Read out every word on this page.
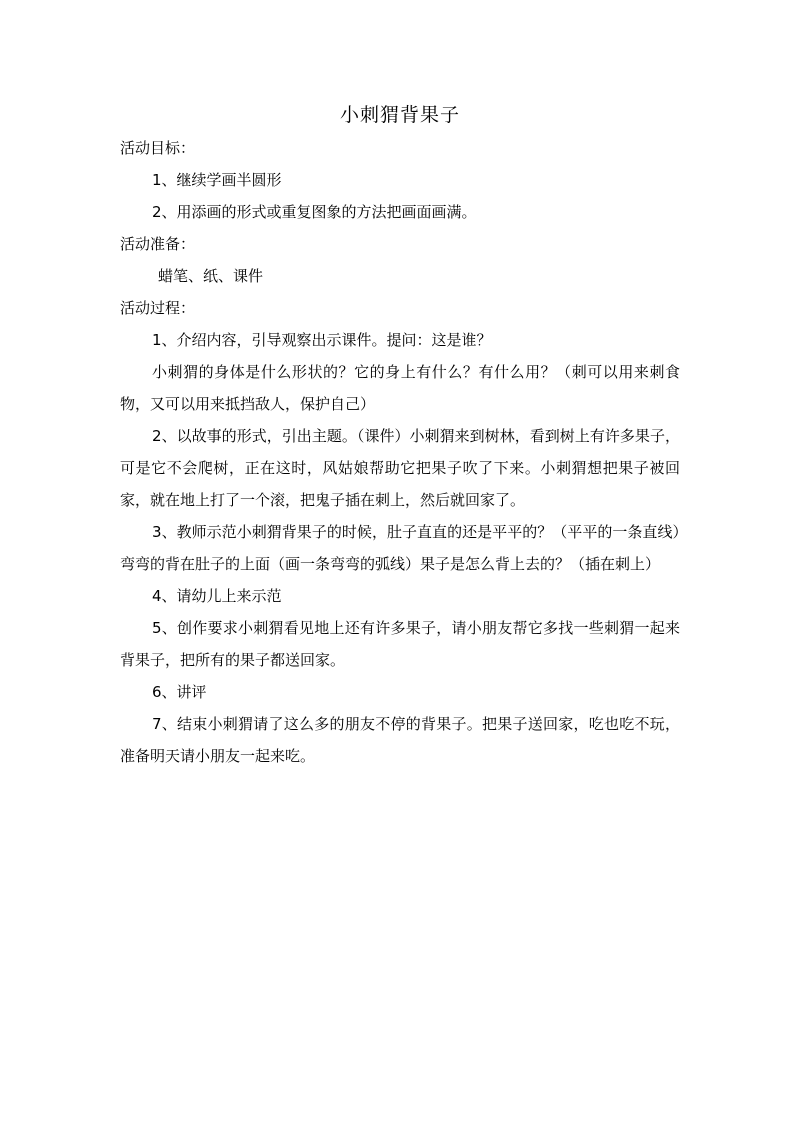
小刺猬背果子

活动目标：

1、继续学画半圆形

2、用添画的形式或重复图象的方法把画面画满。

活动准备：

蜡笔、纸、课件

活动过程：

1、介绍内容，引导观察出示课件。提问：这是谁？

小刺猬的身体是什么形状的？它的身上有什么？有什么用？（刺可以用来刺食物，又可以用来抵挡敌人，保护自己）

2、以故事的形式，引出主题。（课件）小刺猬来到树林，看到树上有许多果子，可是它不会爬树，正在这时，风姑娘帮助它把果子吹了下来。小刺猬想把果子被回家，就在地上打了一个滚，把鬼子插在刺上，然后就回家了。

3、教师示范小刺猬背果子的时候，肚子直直的还是平平的？（平平的一条直线）弯弯的背在肚子的上面（画一条弯弯的弧线）果子是怎么背上去的？（插在刺上）

4、请幼儿上来示范

5、创作要求小刺猬看见地上还有许多果子，请小朋友帮它多找一些刺猬一起来背果子，把所有的果子都送回家。

6、讲评

7、结束小刺猬请了这么多的朋友不停的背果子。把果子送回家，吃也吃不玩，准备明天请小朋友一起来吃。
